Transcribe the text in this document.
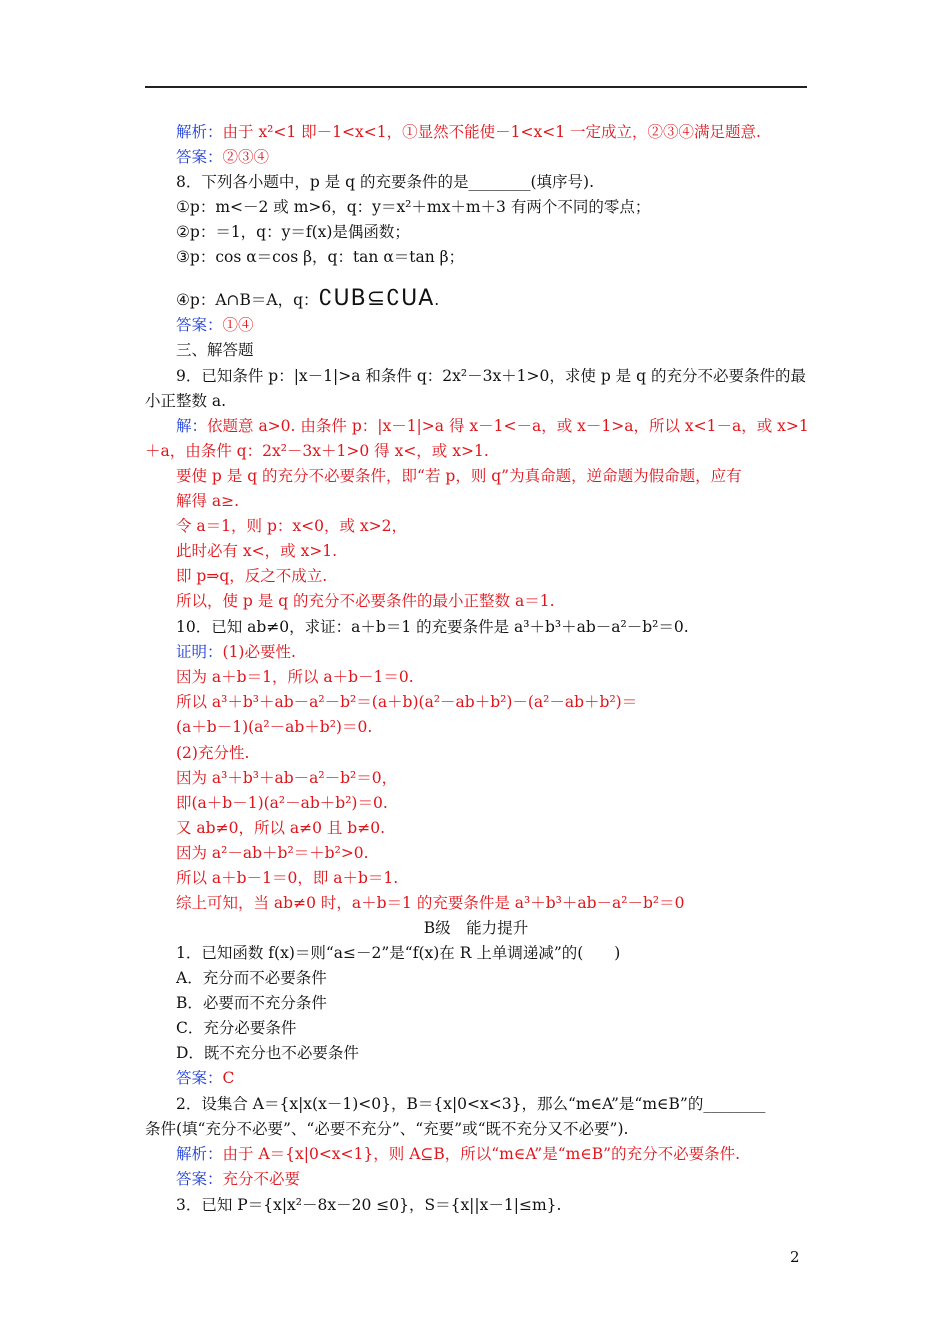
解析：由于 x²<1 即－1<x<1，①显然不能使－1<x<1 一定成立，②③④满足题意.
答案：②③④
8．下列各小题中，p 是 q 的充要条件的是________(填序号).
①p：m<－2 或 m>6，q：y＝x²＋mx＋m＋3 有两个不同的零点；
②p：＝1，q：y＝f(x)是偶函数；
③p：cos α＝cos β，q：tan α＝tan β；
④p：A∩B＝A，q：∁UB⊆∁UA.
答案：①④
三、解答题
9．已知条件 p：|x－1|>a 和条件 q：2x²－3x＋1>0，求使 p 是 q 的充分不必要条件的最
小正整数 a.
解：依题意 a>0. 由条件 p：|x－1|>a 得 x－1<－a，或 x－1>a，所以 x<1－a，或 x>1
＋a，由条件 q：2x²－3x＋1>0 得 x<，或 x>1.
要使 p 是 q 的充分不必要条件，即“若 p，则 q”为真命题，逆命题为假命题，应有
解得 a≥.
令 a＝1，则 p：x<0，或 x>2，
此时必有 x<，或 x>1.
即 p⇒q，反之不成立.
所以，使 p 是 q 的充分不必要条件的最小正整数 a＝1.
10．已知 ab≠0，求证：a＋b＝1 的充要条件是 a³＋b³＋ab－a²－b²＝0.
证明：(1)必要性.
因为 a＋b＝1，所以 a＋b－1＝0.
所以 a³＋b³＋ab－a²－b²＝(a＋b)(a²－ab＋b²)－(a²－ab＋b²)＝
(a＋b－1)(a²－ab＋b²)＝0.
(2)充分性.
因为 a³＋b³＋ab－a²－b²＝0，
即(a＋b－1)(a²－ab＋b²)＝0.
又 ab≠0，所以 a≠0 且 b≠0.
因为 a²－ab＋b²＝＋b²>0.
所以 a＋b－1＝0，即 a＋b＝1.
综上可知，当 ab≠0 时，a＋b＝1 的充要条件是 a³＋b³＋ab－a²－b²＝0
B级　能力提升
1．已知函数 f(x)＝则“a≤－2”是“f(x)在 R 上单调递减”的(　　)
A．充分而不必要条件
B．必要而不充分条件
C．充分必要条件
D．既不充分也不必要条件
答案：C
2．设集合 A＝{x|x(x－1)<0}，B＝{x|0<x<3}，那么“m∈A”是“m∈B”的________
条件(填“充分不必要”、“必要不充分”、“充要”或“既不充分又不必要”).
解析：由于 A＝{x|0<x<1}，则 A⊆B，所以“m∈A”是“m∈B”的充分不必要条件.
答案：充分不必要
3．已知 P＝{x|x²－8x－20 ≤0}，S＝{x||x－1|≤m}.
2
